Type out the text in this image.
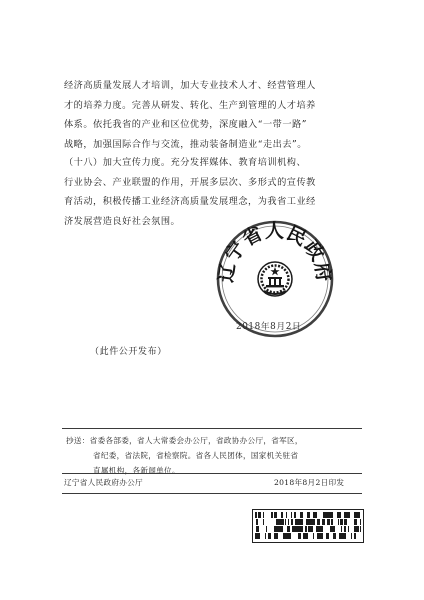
经济高质量发展人才培训，加大专业技术人才、经营管理人
才的培养力度。完善从研发、转化、生产到管理的人才培养
体系。依托我省的产业和区位优势，深度融入“一带一路”
战略，加强国际合作与交流，推动装备制造业“走出去”。
（十八）加大宣传力度。充分发挥媒体、教育培训机构、
行业协会、产业联盟的作用，开展多层次、多形式的宣传教
育活动，积极传播工业经济高质量发展理念，为我省工业经
济发展营造良好社会氛围。
辽宁省人民政府
2018年8月2日
（此件公开发布）
抄送：省委各部委，省人大常委会办公厅，省政协办公厅，省军区，
省纪委，省法院，省检察院。省各人民团体，国家机关驻省
直属机构，各新闻单位。
辽宁省人民政府办公厅	2018年8月2日印发
